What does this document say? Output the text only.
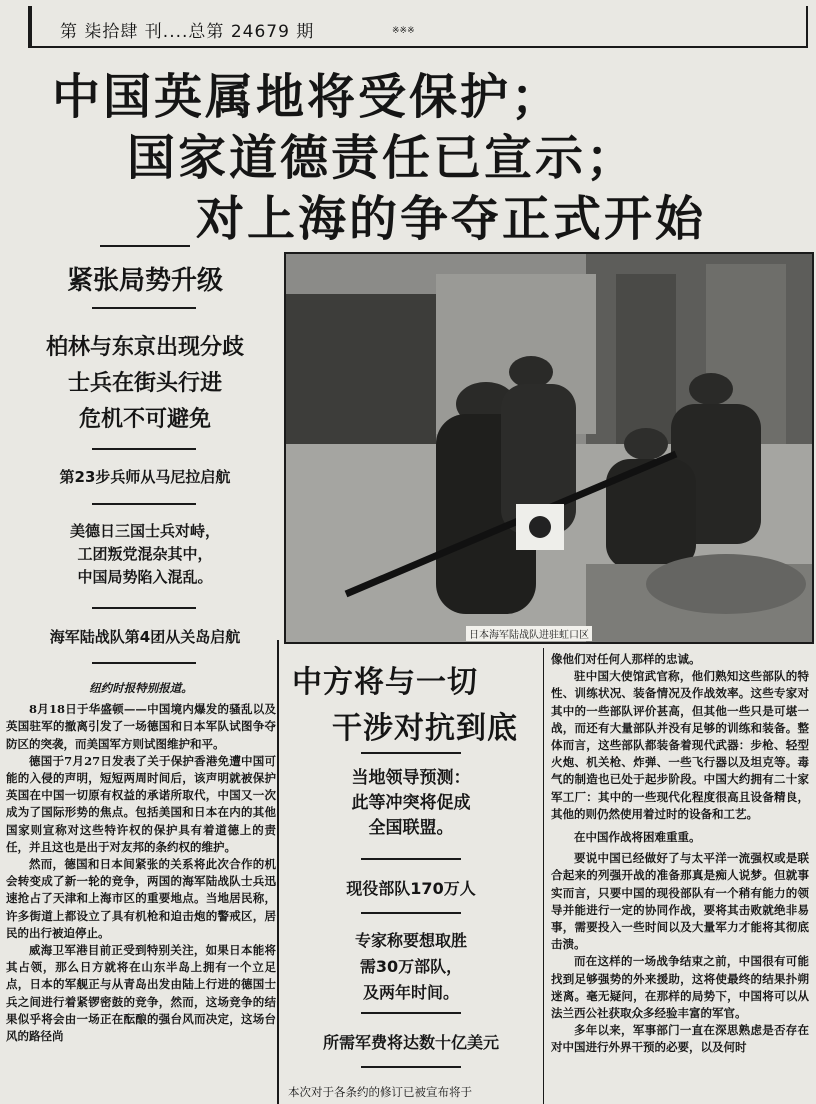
第 柒拾肆 刊....总第 24679 期	※※※
中国英属地将受保护；
国家道德责任已宣示；
对上海的争夺正式开始
紧张局势升级
柏林与东京出现分歧
士兵在街头行进
危机不可避免
第23步兵师从马尼拉启航
美德日三国士兵对峙，
工团叛党混杂其中，
中国局势陷入混乱。
海军陆战队第4团从关岛启航

纽约时报特别报道。

8月18日于华盛顿——中国境内爆发的骚乱以及英国驻军的撤离引发了一场德国和日本军队试图争夺防区的突袭，而美国军方则试图维护和平。

德国于7月27日发表了关于保护香港免遭中国可能的入侵的声明，短短两周时间后，该声明就被保护英国在中国一切原有权益的承诺所取代，中国又一次成为了国际形势的焦点。包括美国和日本在内的其他国家则宣称对这些特许权的保护具有着道德上的责任，并且这也是出于对友邦的条约权的维护。

然而，德国和日本间紧张的关系将此次合作的机会转变成了新一轮的竞争，两国的海军陆战队士兵迅速抢占了天津和上海市区的重要地点。当地居民称，许多街道上都设立了具有机枪和迫击炮的警戒区，居民的出行被迫停止。

威海卫军港目前正受到特别关注，如果日本能将其占领，那么日方就将在山东半岛上拥有一个立足点，日本的军舰正与从青岛出发由陆上行进的德国士兵之间进行着紧锣密鼓的竞争，然而，这场竞争的结果似乎将会由一场正在酝酿的强台风而决定，这场台风的路径尚

日本海军陆战队进驻虹口区
中方将与一切
干涉对抗到底
当地领导预测：
此等冲突将促成
全国联盟。
现役部队170万人
专家称要想取胜
需30万部队，
及两年时间。
所需军费将达数十亿美元

本次对于各条约的修订已被宣布将于

像他们对任何人那样的忠诚。

驻中国大使馆武官称，他们熟知这些部队的特性、训练状况、装备情况及作战效率。这些专家对其中的一些部队评价甚高，但其他一些只是可堪一战，而还有大量部队并没有足够的训练和装备。整体而言，这些部队都装备着现代武器：步枪、轻型火炮、机关枪、炸弹、一些飞行器以及坦克等。毒气的制造也已处于起步阶段。中国大约拥有二十家军工厂：其中的一些现代化程度很高且设备精良，其他的则仍然使用着过时的设备和工艺。

在中国作战将困难重重。

要说中国已经做好了与太平洋一流强权或是联合起来的列强开战的准备那真是痴人说梦。但就事实而言，只要中国的现役部队有一个稍有能力的领导并能进行一定的协同作战，要将其击败就绝非易事，需要投入一些时间以及大量军力才能将其彻底击溃。

而在这样的一场战争结束之前，中国很有可能找到足够强势的外来援助，这将使最终的结果扑朔迷离。毫无疑问，在那样的局势下，中国将可以从法兰西公社获取众多经验丰富的军官。

多年以来，军事部门一直在深思熟虑是否存在对中国进行外界干预的必要，以及何时
